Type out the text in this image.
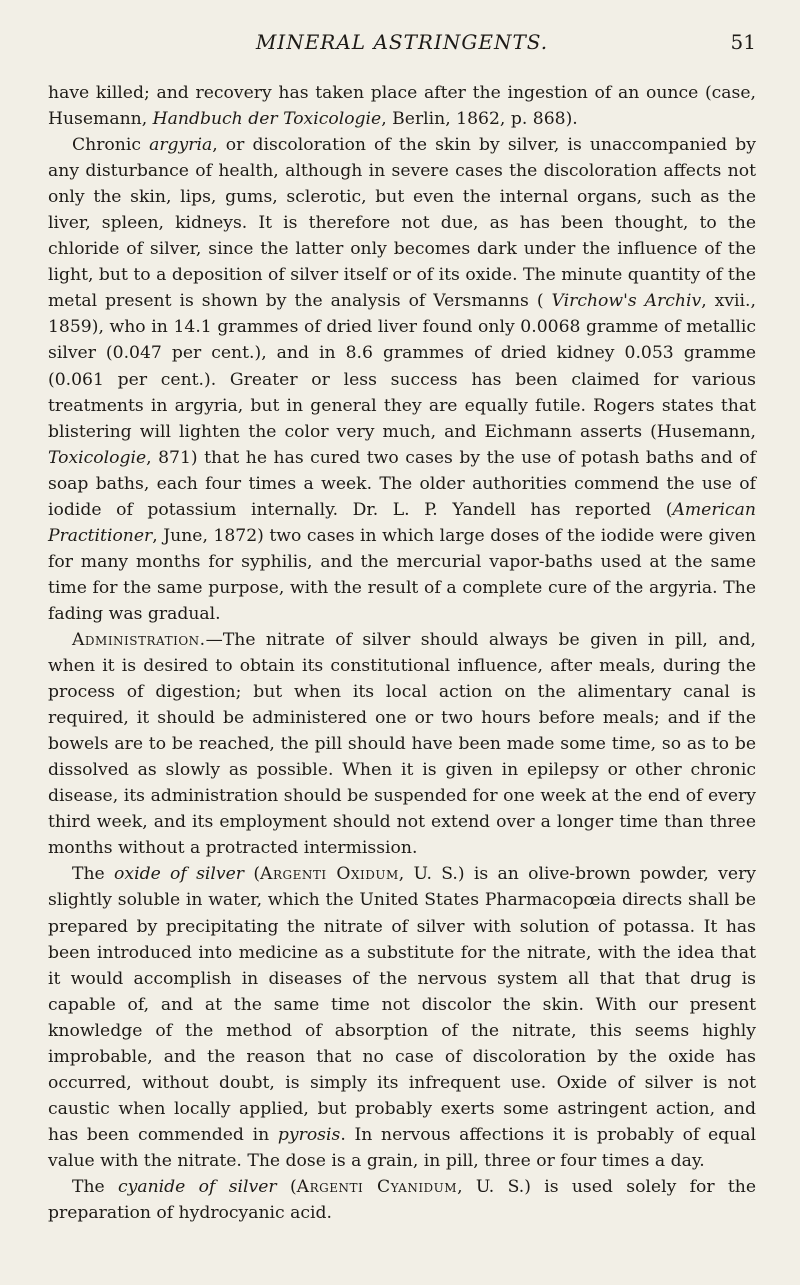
MINERAL ASTRINGENTS.	51

have killed; and recovery has taken place after the ingestion of an ounce (case, Husemann, Handbuch der Toxicologie, Berlin, 1862, p. 868).

Chronic argyria, or discoloration of the skin by silver, is unaccompanied by any disturbance of health, although in severe cases the discoloration affects not only the skin, lips, gums, sclerotic, but even the internal organs, such as the liver, spleen, kidneys. It is therefore not due, as has been thought, to the chloride of silver, since the latter only becomes dark under the influence of the light, but to a deposition of silver itself or of its oxide. The minute quantity of the metal present is shown by the analysis of Versmanns ( Virchow's Archiv, xvii., 1859), who in 14.1 grammes of dried liver found only 0.0068 gramme of metallic silver (0.047 per cent.), and in 8.6 grammes of dried kidney 0.053 gramme (0.061 per cent.). Greater or less success has been claimed for various treatments in argyria, but in general they are equally futile. Rogers states that blistering will lighten the color very much, and Eichmann asserts (Husemann, Toxicologie, 871) that he has cured two cases by the use of potash baths and of soap baths, each four times a week. The older authorities commend the use of iodide of potassium internally. Dr. L. P. Yandell has reported (American Practitioner, June, 1872) two cases in which large doses of the iodide were given for many months for syphilis, and the mercurial vapor-baths used at the same time for the same purpose, with the result of a complete cure of the argyria. The fading was gradual.

Administration.—The nitrate of silver should always be given in pill, and, when it is desired to obtain its constitutional influence, after meals, during the process of digestion; but when its local action on the alimentary canal is required, it should be administered one or two hours before meals; and if the bowels are to be reached, the pill should have been made some time, so as to be dissolved as slowly as possible. When it is given in epilepsy or other chronic disease, its administration should be suspended for one week at the end of every third week, and its employment should not extend over a longer time than three months without a protracted intermission.

The oxide of silver (Argenti Oxidum, U. S.) is an olive-brown powder, very slightly soluble in water, which the United States Pharmacopœia directs shall be prepared by precipitating the nitrate of silver with solution of potassa. It has been introduced into medicine as a substitute for the nitrate, with the idea that it would accomplish in diseases of the nervous system all that that drug is capable of, and at the same time not discolor the skin. With our present knowledge of the method of absorption of the nitrate, this seems highly improbable, and the reason that no case of discoloration by the oxide has occurred, without doubt, is simply its infrequent use. Oxide of silver is not caustic when locally applied, but probably exerts some astringent action, and has been commended in pyrosis. In nervous affections it is probably of equal value with the nitrate. The dose is a grain, in pill, three or four times a day.

The cyanide of silver (Argenti Cyanidum, U. S.) is used solely for the preparation of hydrocyanic acid.
